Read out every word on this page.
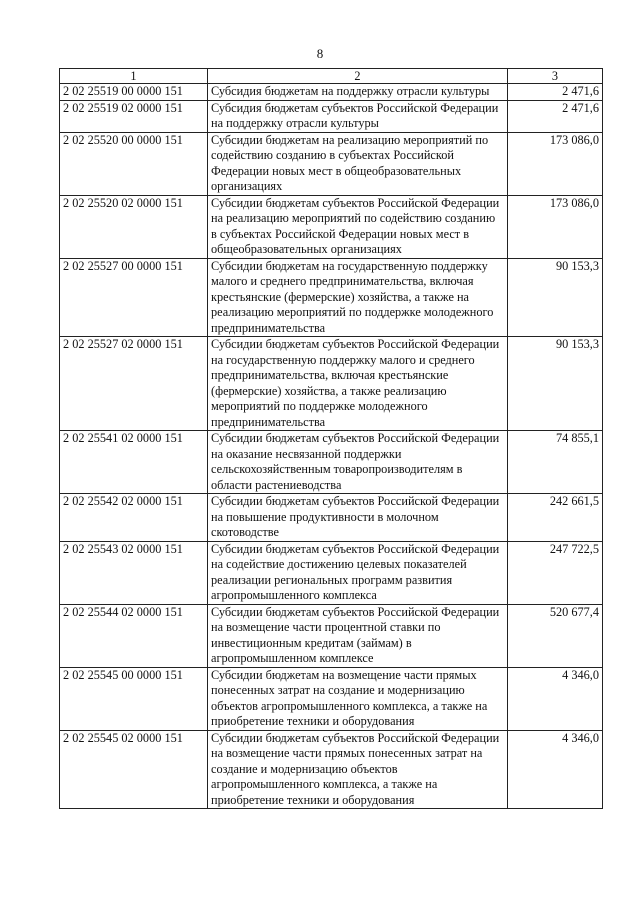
8
1	2	3
2 02 25519 00 0000 151	Субсидия бюджетам на поддержку отрасли культуры	2 471,6
2 02 25519 02 0000 151	Субсидия бюджетам субъектов Российской Федерации на поддержку отрасли культуры	2 471,6
2 02 25520 00 0000 151	Субсидии бюджетам на реализацию мероприятий по содействию созданию в субъектах Российской Федерации новых мест в общеобразовательных организациях	173 086,0
2 02 25520 02 0000 151	Субсидии бюджетам субъектов Российской Федерации на реализацию мероприятий по содействию созданию в субъектах Российской Федерации новых мест в общеобразовательных организациях	173 086,0
2 02 25527 00 0000 151	Субсидии бюджетам на государственную поддержку малого и среднего предпринимательства, включая крестьянские (фермерские) хозяйства, а также на реализацию мероприятий по поддержке молодежного предпринимательства	90 153,3
2 02 25527 02 0000 151	Субсидии бюджетам субъектов Российской Федерации на государственную поддержку малого и среднего предпринимательства, включая крестьянские (фермерские) хозяйства, а также реализацию мероприятий по поддержке молодежного предпринимательства	90 153,3
2 02 25541 02 0000 151	Субсидии бюджетам субъектов Российской Федерации на оказание несвязанной поддержки сельскохозяйственным товаропроизводителям в области растениеводства	74 855,1
2 02 25542 02 0000 151	Субсидии бюджетам субъектов Российской Федерации на повышение продуктивности в молочном скотоводстве	242 661,5
2 02 25543 02 0000 151	Субсидии бюджетам субъектов Российской Федерации на содействие достижению целевых показателей реализации региональных программ развития агропромышленного комплекса	247 722,5
2 02 25544 02 0000 151	Субсидии бюджетам субъектов Российской Федерации на возмещение части процентной ставки по инвестиционным кредитам (займам) в агропромышленном комплексе	520 677,4
2 02 25545 00 0000 151	Субсидии бюджетам на возмещение части прямых понесенных затрат на создание и модернизацию объектов агропромышленного комплекса, а также на приобретение техники и оборудования	4 346,0
2 02 25545 02 0000 151	Субсидии бюджетам субъектов Российской Федерации на возмещение части прямых понесенных затрат на создание и модернизацию объектов агропромышленного комплекса, а также на приобретение техники и оборудования	4 346,0
